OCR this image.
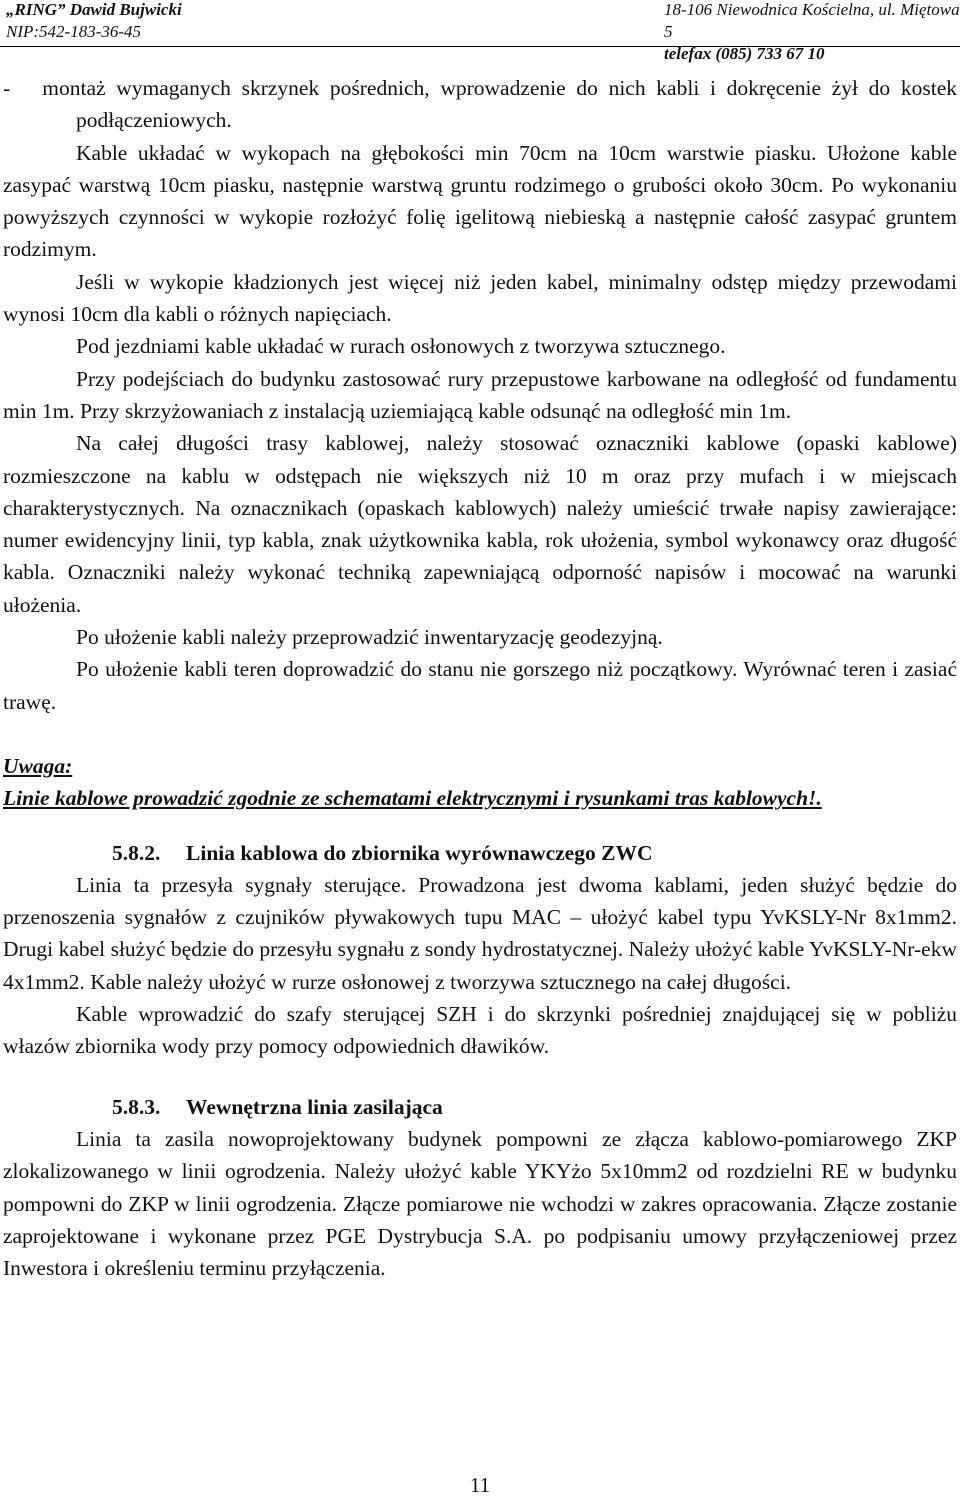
„RING” Dawid Bujwicki
NIP:542-183-36-45
18-106 Niewodnica Kościelna, ul. Miętowa 5
telefax (085) 733 67 10

-   montaż wymaganych skrzynek pośrednich, wprowadzenie do nich kabli i dokręcenie żył do kostek podłączeniowych.

Kable układać w wykopach na głębokości min 70cm na 10cm warstwie piasku. Ułożone kable zasypać warstwą 10cm piasku, następnie warstwą gruntu rodzimego o grubości około 30cm. Po wykonaniu powyższych czynności w wykopie rozłożyć folię igelitową niebieską a następnie całość zasypać gruntem rodzimym.

Jeśli w wykopie kładzionych jest więcej niż jeden kabel, minimalny odstęp między przewodami wynosi 10cm dla kabli o różnych napięciach.

Pod jezdniami kable układać w rurach osłonowych z tworzywa sztucznego.

Przy podejściach do budynku zastosować rury przepustowe karbowane na odległość od fundamentu min 1m. Przy skrzyżowaniach z instalacją uziemiającą kable odsunąć na odległość min 1m.

Na całej długości trasy kablowej, należy stosować oznaczniki kablowe (opaski kablowe) rozmieszczone na kablu w odstępach nie większych niż 10 m oraz przy mufach i w miejscach charakterystycznych. Na oznacznikach (opaskach kablowych) należy umieścić trwałe napisy zawierające: numer ewidencyjny linii, typ kabla, znak użytkownika kabla, rok ułożenia, symbol wykonawcy oraz długość kabla. Oznaczniki należy wykonać techniką zapewniającą odporność napisów i mocować na warunki ułożenia.

Po ułożenie kabli należy przeprowadzić inwentaryzację geodezyjną.

Po ułożenie kabli teren doprowadzić do stanu nie gorszego niż początkowy. Wyrównać teren i zasiać trawę.

Uwaga:

Linie kablowe prowadzić zgodnie ze schematami elektrycznymi i rysunkami tras kablowych!.

5.8.2. Linia kablowa do zbiornika wyrównawczego ZWC

Linia ta przesyła sygnały sterujące. Prowadzona jest dwoma kablami, jeden służyć będzie do przenoszenia sygnałów z czujników pływakowych tupu MAC – ułożyć kabel typu YvKSLY-Nr 8x1mm2. Drugi kabel służyć będzie do przesyłu sygnału z sondy hydrostatycznej. Należy ułożyć kable YvKSLY-Nr-ekw 4x1mm2. Kable należy ułożyć w rurze osłonowej z tworzywa sztucznego na całej długości.

Kable wprowadzić do szafy sterującej SZH i do skrzynki pośredniej znajdującej się w pobliżu włazów zbiornika wody przy pomocy odpowiednich dławików.

5.8.3. Wewnętrzna linia zasilająca

Linia ta zasila nowoprojektowany budynek pompowni ze złącza kablowo-pomiarowego ZKP zlokalizowanego w linii ogrodzenia. Należy ułożyć kable YKYżo 5x10mm2 od rozdzielni RE w budynku pompowni do ZKP w linii ogrodzenia. Złącze pomiarowe nie wchodzi w zakres opracowania. Złącze zostanie zaprojektowane i wykonane przez PGE Dystrybucja S.A. po podpisaniu umowy przyłączeniowej przez Inwestora i określeniu terminu przyłączenia.

11
